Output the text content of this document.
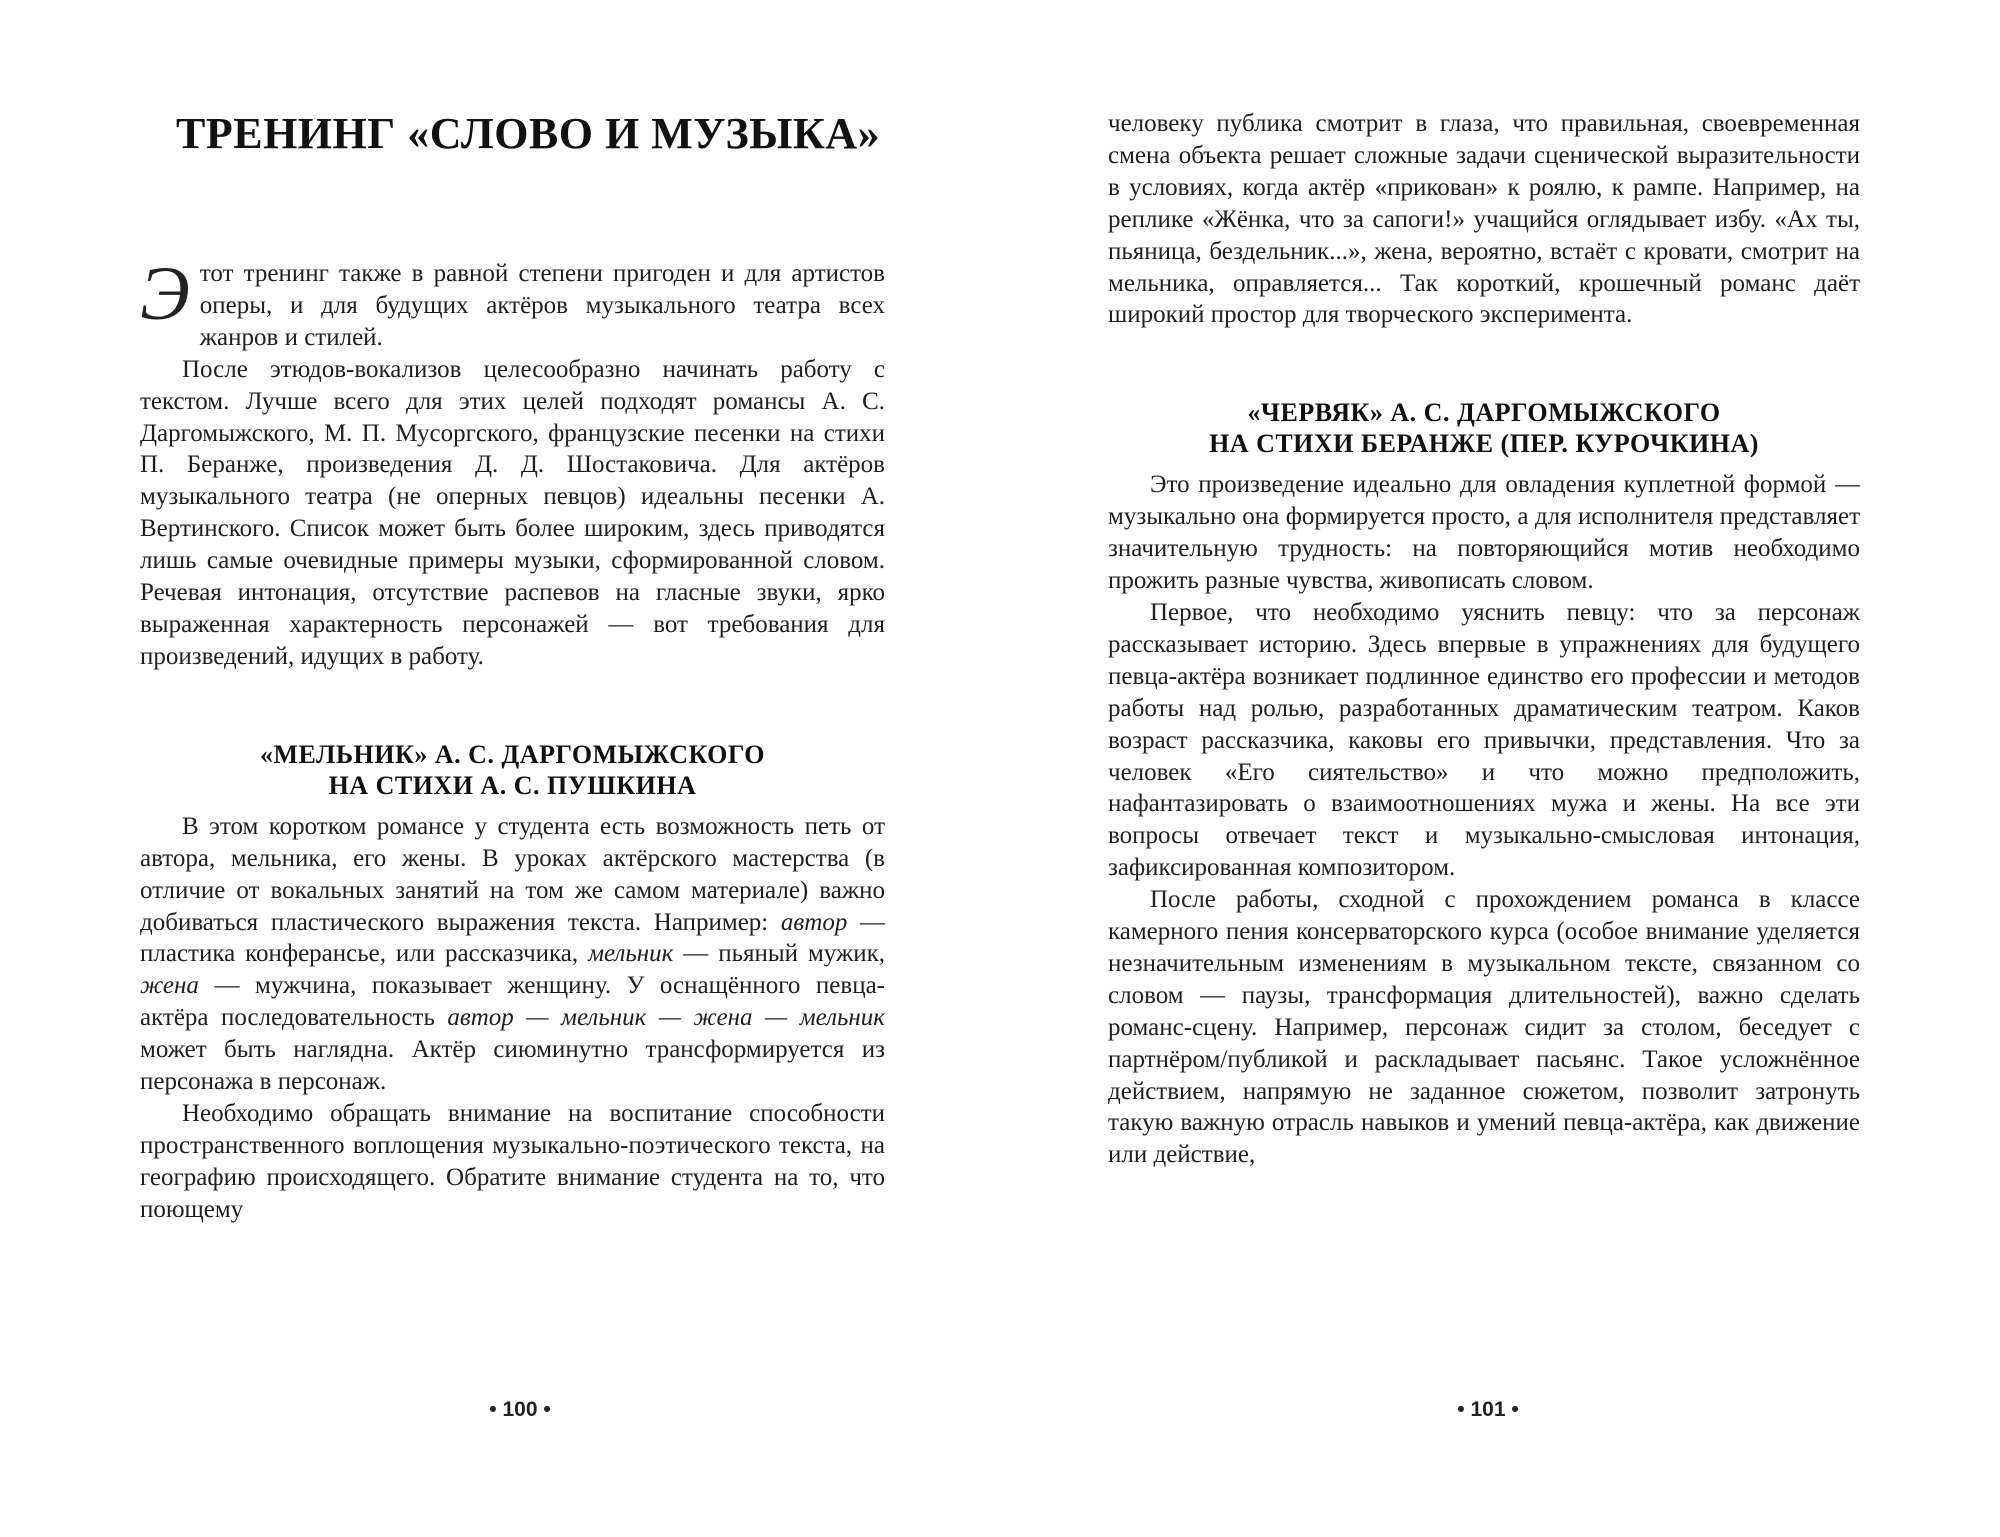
ТРЕНИНГ «СЛОВО И МУЗЫКА»

Этот тренинг также в равной степени пригоден и для артистов оперы, и для будущих актёров музыкального театра всех жанров и стилей.

После этюдов-вокализов целесообразно начинать работу с текстом. Лучше всего для этих целей подходят романсы А. С. Даргомыжского, М. П. Мусоргского, французские песенки на стихи П. Беранже, произведения Д. Д. Шостаковича. Для актёров музыкального театра (не оперных певцов) идеальны песенки А. Вертинского. Список может быть более широким, здесь приводятся лишь самые очевидные примеры музыки, сформированной словом. Речевая интонация, отсутствие распевов на гласные звуки, ярко выраженная характерность персонажей — вот требования для произведений, идущих в работу.

«МЕЛЬНИК» А. С. ДАРГОМЫЖСКОГО
НА СТИХИ А. С. ПУШКИНА

В этом коротком романсе у студента есть возможность петь от автора, мельника, его жены. В уроках актёрского мастерства (в отличие от вокальных занятий на том же самом материале) важно добиваться пластического выражения текста. Например: автор — пластика конферансье, или рассказчика, мельник — пьяный мужик, жена — мужчина, показывает женщину. У оснащённого певца-актёра последовательность автор — мельник — жена — мельник может быть наглядна. Актёр сиюминутно трансформируется из персонажа в персонаж.

Необходимо обращать внимание на воспитание способности пространственного воплощения музыкально-поэтического текста, на географию происходящего. Обратите внимание студента на то, что поющему

• 100 •

человеку публика смотрит в глаза, что правильная, своевременная смена объекта решает сложные задачи сценической выразительности в условиях, когда актёр «прикован» к роялю, к рампе. Например, на реплике «Жёнка, что за сапоги!» учащийся оглядывает избу. «Ах ты, пьяница, бездельник...», жена, вероятно, встаёт с кровати, смотрит на мельника, оправляется... Так короткий, крошечный романс даёт широкий простор для творческого эксперимента.

«ЧЕРВЯК» А. С. ДАРГОМЫЖСКОГО
НА СТИХИ БЕРАНЖЕ (ПЕР. КУРОЧКИНА)

Это произведение идеально для овладения куплетной формой — музыкально она формируется просто, а для исполнителя представляет значительную трудность: на повторяющийся мотив необходимо прожить разные чувства, живописать словом.

Первое, что необходимо уяснить певцу: что за персонаж рассказывает историю. Здесь впервые в упражнениях для будущего певца-актёра возникает подлинное единство его профессии и методов работы над ролью, разработанных драматическим театром. Каков возраст рассказчика, каковы его привычки, представления. Что за человек «Его сиятельство» и что можно предположить, нафантазировать о взаимоотношениях мужа и жены. На все эти вопросы отвечает текст и музыкально-смысловая интонация, зафиксированная композитором.

После работы, сходной с прохождением романса в классе камерного пения консерваторского курса (особое внимание уделяется незначительным изменениям в музыкальном тексте, связанном со словом — паузы, трансформация длительностей), важно сделать романс-сцену. Например, персонаж сидит за столом, беседует с партнёром/публикой и раскладывает пасьянс. Такое усложнённое действием, напрямую не заданное сюжетом, позволит затронуть такую важную отрасль навыков и умений певца-актёра, как движение или действие,

• 101 •
